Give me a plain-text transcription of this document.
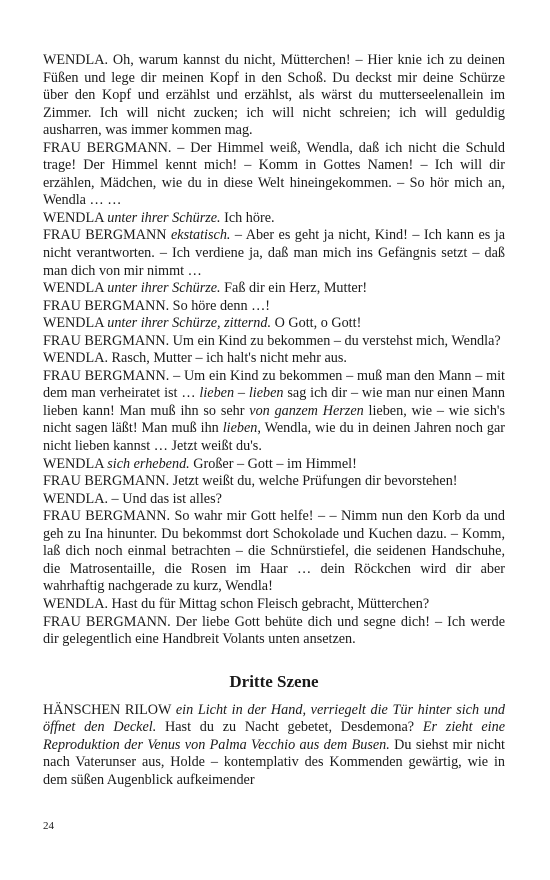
WENDLA. Oh, warum kannst du nicht, Mütterchen! – Hier knie ich zu deinen Füßen und lege dir meinen Kopf in den Schoß. Du deckst mir deine Schürze über den Kopf und erzählst und erzählst, als wärst du mutterseelenallein im Zimmer. Ich will nicht zucken; ich will nicht schreien; ich will geduldig ausharren, was immer kommen mag.

FRAU BERGMANN. – Der Himmel weiß, Wendla, daß ich nicht die Schuld trage! Der Himmel kennt mich! – Komm in Gottes Namen! – Ich will dir erzählen, Mädchen, wie du in diese Welt hineingekommen. – So hör mich an, Wendla … …

WENDLA unter ihrer Schürze. Ich höre.

FRAU BERGMANN ekstatisch. – Aber es geht ja nicht, Kind! – Ich kann es ja nicht verantworten. – Ich verdiene ja, daß man mich ins Gefängnis setzt – daß man dich von mir nimmt …

WENDLA unter ihrer Schürze. Faß dir ein Herz, Mutter!

FRAU BERGMANN. So höre denn …!

WENDLA unter ihrer Schürze, zitternd. O Gott, o Gott!

FRAU BERGMANN. Um ein Kind zu bekommen – du verstehst mich, Wendla?

WENDLA. Rasch, Mutter – ich halt's nicht mehr aus.

FRAU BERGMANN. – Um ein Kind zu bekommen – muß man den Mann – mit dem man verheiratet ist … lieben – lieben sag ich dir – wie man nur einen Mann lieben kann! Man muß ihn so sehr von ganzem Herzen lieben, wie – wie sich's nicht sagen läßt! Man muß ihn lieben, Wendla, wie du in deinen Jahren noch gar nicht lieben kannst … Jetzt weißt du's.

WENDLA sich erhebend. Großer – Gott – im Himmel!

FRAU BERGMANN. Jetzt weißt du, welche Prüfungen dir bevorstehen!

WENDLA. – Und das ist alles?

FRAU BERGMANN. So wahr mir Gott helfe! – – Nimm nun den Korb da und geh zu Ina hinunter. Du bekommst dort Schokolade und Kuchen dazu. – Komm, laß dich noch einmal betrachten – die Schnürstiefel, die seidenen Handschuhe, die Matrosentaille, die Rosen im Haar … dein Röckchen wird dir aber wahrhaftig nachgerade zu kurz, Wendla!

WENDLA. Hast du für Mittag schon Fleisch gebracht, Mütterchen?

FRAU BERGMANN. Der liebe Gott behüte dich und segne dich! – Ich werde dir gelegentlich eine Handbreit Volants unten ansetzen.

Dritte Szene

HÄNSCHEN RILOW ein Licht in der Hand, verriegelt die Tür hinter sich und öffnet den Deckel. Hast du zu Nacht gebetet, Desdemona? Er zieht eine Reproduktion der Venus von Palma Vecchio aus dem Busen. Du siehst mir nicht nach Vaterunser aus, Holde – kontemplativ des Kommenden gewärtig, wie in dem süßen Augenblick aufkeimender

24
